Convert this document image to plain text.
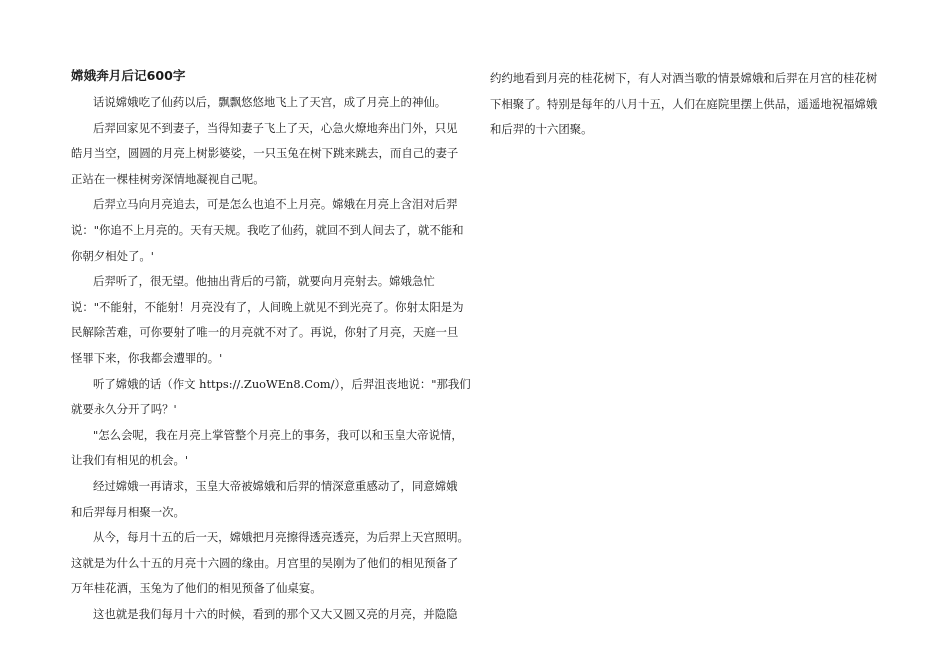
嫦娥奔月后记600字
话说嫦娥吃了仙药以后，飘飘悠悠地飞上了天宫，成了月亮上的神仙。
后羿回家见不到妻子，当得知妻子飞上了天，心急火燎地奔出门外，只见
皓月当空，圆圆的月亮上树影婆娑，一只玉兔在树下跳来跳去，而自己的妻子
正站在一棵桂树旁深情地凝视自己呢。
后羿立马向月亮追去，可是怎么也追不上月亮。嫦娥在月亮上含泪对后羿
说："你追不上月亮的。天有天规。我吃了仙药，就回不到人间去了，就不能和
你朝夕相处了。'
后羿听了，很无望。他抽出背后的弓箭，就要向月亮射去。嫦娥急忙
说："不能射，不能射！月亮没有了，人间晚上就见不到光亮了。你射太阳是为
民解除苦难，可你要射了唯一的月亮就不对了。再说，你射了月亮，天庭一旦
怪罪下来，你我都会遭罪的。'
听了嫦娥的话（作文 https://.ZuoWEn8.Com/），后羿沮丧地说："那我们
就要永久分开了吗？'
"怎么会呢，我在月亮上掌管整个月亮上的事务，我可以和玉皇大帝说情，
让我们有相见的机会。'
经过嫦娥一再请求，玉皇大帝被嫦娥和后羿的情深意重感动了，同意嫦娥
和后羿每月相聚一次。
从今，每月十五的后一天，嫦娥把月亮擦得透亮透亮，为后羿上天宫照明。
这就是为什么十五的月亮十六圆的缘由。月宫里的吴刚为了他们的相见预备了
万年桂花酒，玉兔为了他们的相见预备了仙桌宴。
这也就是我们每月十六的时候，看到的那个又大又圆又亮的月亮，并隐隐
约约地看到月亮的桂花树下，有人对酒当歌的情景嫦娥和后羿在月宫的桂花树
下相聚了。特别是每年的八月十五，人们在庭院里摆上供品，遥遥地祝福嫦娥
和后羿的十六团聚。
